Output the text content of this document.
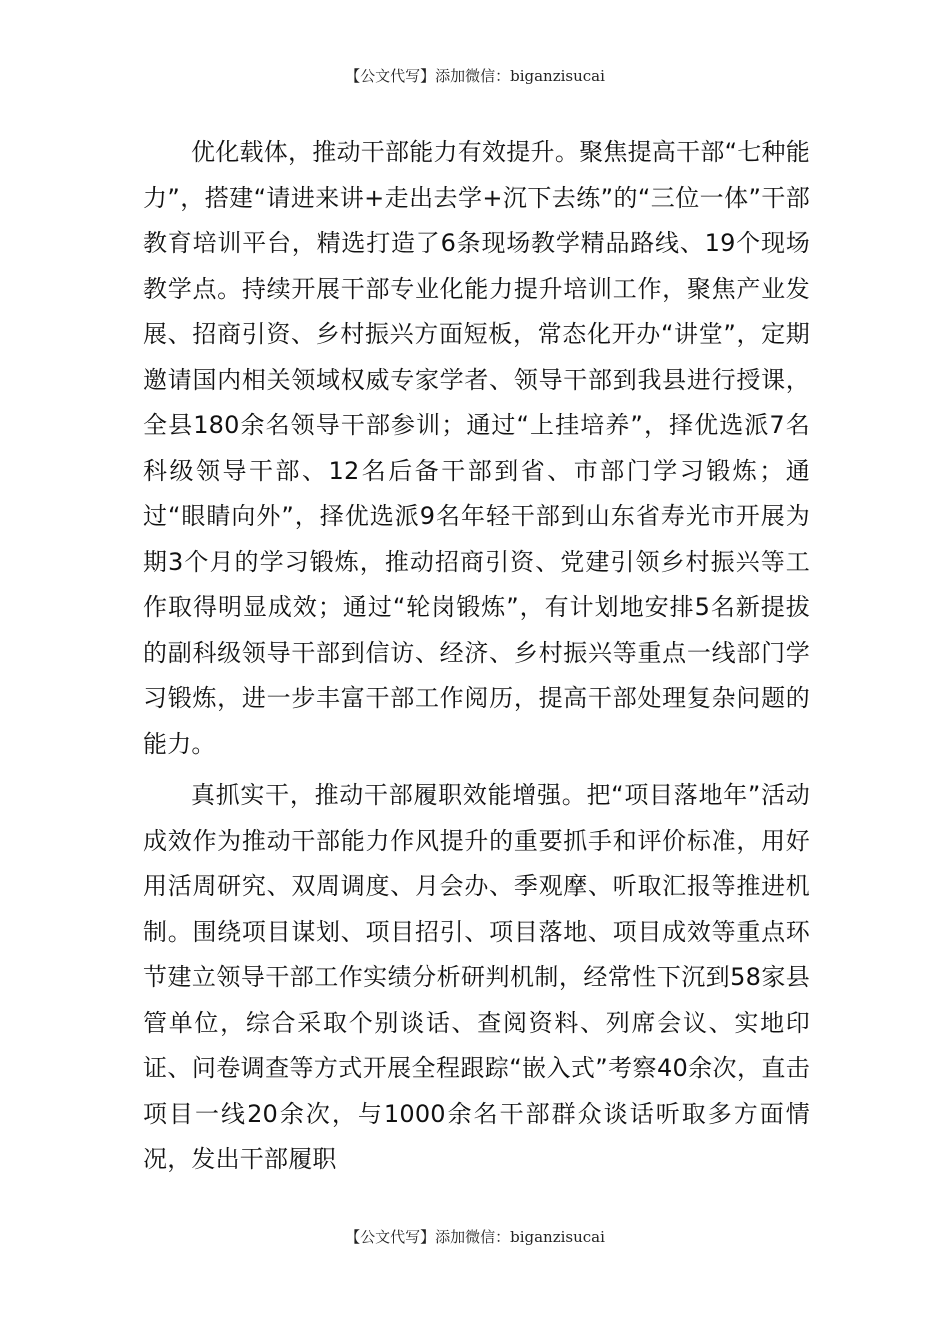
【公文代写】添加微信：biganzisucai

优化载体，推动干部能力有效提升。聚焦提高干部“七种能力”，搭建“请进来讲+走出去学+沉下去练”的“三位一体”干部教育培训平台，精选打造了6条现场教学精品路线、19个现场教学点。持续开展干部专业化能力提升培训工作，聚焦产业发展、招商引资、乡村振兴方面短板，常态化开办“讲堂”，定期邀请国内相关领域权威专家学者、领导干部到我县进行授课，全县180余名领导干部参训；通过“上挂培养”，择优选派7名科级领导干部、12名后备干部到省、市部门学习锻炼；通过“眼睛向外”，择优选派9名年轻干部到山东省寿光市开展为期3个月的学习锻炼，推动招商引资、党建引领乡村振兴等工作取得明显成效；通过“轮岗锻炼”，有计划地安排5名新提拔的副科级领导干部到信访、经济、乡村振兴等重点一线部门学习锻炼，进一步丰富干部工作阅历，提高干部处理复杂问题的能力。

真抓实干，推动干部履职效能增强。把“项目落地年”活动成效作为推动干部能力作风提升的重要抓手和评价标准，用好用活周研究、双周调度、月会办、季观摩、听取汇报等推进机制。围绕项目谋划、项目招引、项目落地、项目成效等重点环节建立领导干部工作实绩分析研判机制，经常性下沉到58家县管单位，综合采取个别谈话、查阅资料、列席会议、实地印证、问卷调查等方式开展全程跟踪“嵌入式”考察40余次，直击项目一线20余次，与1000余名干部群众谈话听取多方面情况，发出干部履职

【公文代写】添加微信：biganzisucai
